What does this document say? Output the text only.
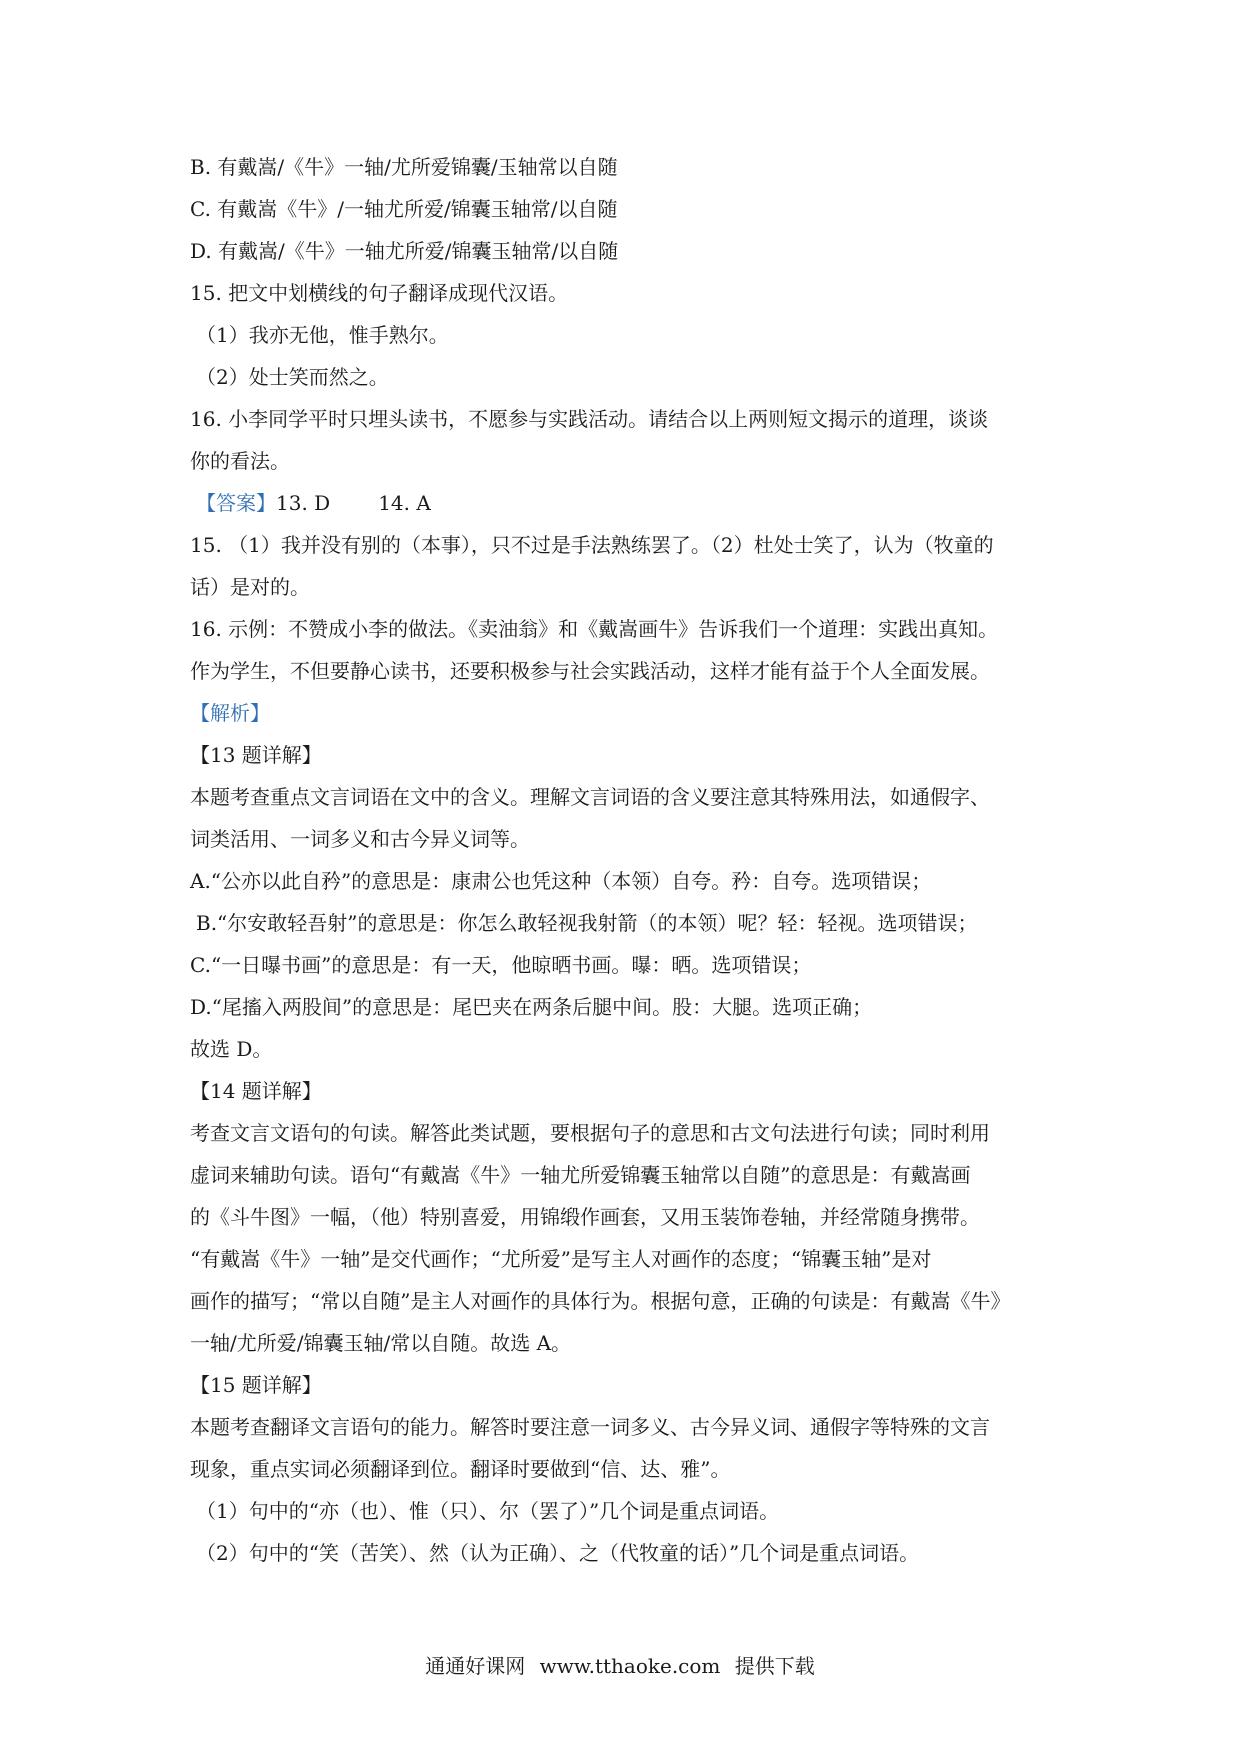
B. 有戴嵩/《牛》一轴/尤所爱锦囊/玉轴常以自随

C. 有戴嵩《牛》/一轴尤所爱/锦囊玉轴常/以自随

D. 有戴嵩/《牛》一轴尤所爱/锦囊玉轴常/以自随

15. 把文中划横线的句子翻译成现代汉语。

（1）我亦无他，惟手熟尔。

（2）处士笑而然之。

16. 小李同学平时只埋头读书，不愿参与实践活动。请结合以上两则短文揭示的道理，谈谈

你的看法。

【答案】13. D 14. A

15. （1）我并没有别的（本事），只不过是手法熟练罢了。（2）杜处士笑了，认为（牧童的

话）是对的。

16. 示例：不赞成小李的做法。《卖油翁》和《戴嵩画牛》告诉我们一个道理：实践出真知。

作为学生，不但要静心读书，还要积极参与社会实践活动，这样才能有益于个人全面发展。

【解析】

【13 题详解】

本题考查重点文言词语在文中的含义。理解文言词语的含义要注意其特殊用法，如通假字、

词类活用、一词多义和古今异义词等。

A.“公亦以此自矜”的意思是：康肃公也凭这种（本领）自夸。矜：自夸。选项错误；

B.“尔安敢轻吾射”的意思是：你怎么敢轻视我射箭（的本领）呢？轻：轻视。选项错误；

C.“一日曝书画”的意思是：有一天，他晾晒书画。曝：晒。选项错误；

D.“尾搐入两股间”的意思是：尾巴夹在两条后腿中间。股：大腿。选项正确；

故选 D。

【14 题详解】

考查文言文语句的句读。解答此类试题，要根据句子的意思和古文句法进行句读；同时利用

虚词来辅助句读。语句“有戴嵩《牛》一轴尤所爱锦囊玉轴常以自随”的意思是：有戴嵩画

的《斗牛图》一幅，（他）特别喜爱，用锦缎作画套，又用玉装饰卷轴，并经常随身携带。

“有戴嵩《牛》一轴”是交代画作；“尤所爱”是写主人对画作的态度；“锦囊玉轴”是对

画作的描写；“常以自随”是主人对画作的具体行为。根据句意，正确的句读是：有戴嵩《牛》

一轴/尤所爱/锦囊玉轴/常以自随。故选 A。

【15 题详解】

本题考查翻译文言语句的能力。解答时要注意一词多义、古今异义词、通假字等特殊的文言

现象，重点实词必须翻译到位。翻译时要做到“信、达、雅”。

（1）句中的“亦（也）、惟（只）、尔（罢了）”几个词是重点词语。

（2）句中的“笑（苦笑）、然（认为正确）、之（代牧童的话）”几个词是重点词语。

通通好课网 www.tthaoke.com 提供下载
